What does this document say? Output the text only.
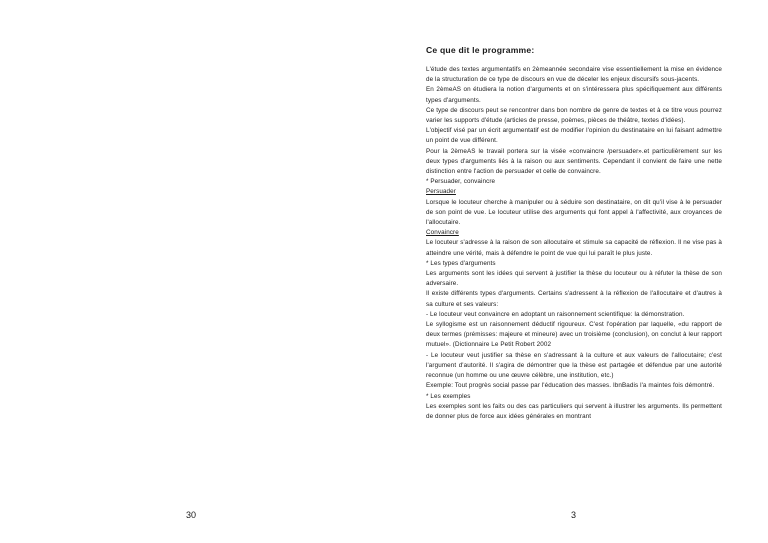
Ce que dit le programme:

L'étude des textes argumentatifs en 2èmeannée secondaire vise essentiellement la mise en évidence de la structuration de ce type de discours en vue de déceler les enjeux discursifs sous-jacents.

En 2èmeAS on étudiera la notion d'arguments et on s'intéressera plus spécifiquement aux différents types d'arguments.

Ce type de discours peut se rencontrer dans bon nombre de genre de textes et à ce titre vous pourrez varier les supports d'étude (articles de presse, poèmes, pièces de théâtre, textes d'idées).

L'objectif visé par un écrit argumentatif est de modifier l'opinion du destinataire en lui faisant admettre un point de vue différent.

Pour la 2èmeAS le travail portera sur la visée «convaincre /persuader».et particulièrement sur les deux types d'arguments liés à la raison ou aux sentiments. Cependant il convient de faire une nette distinction entre l'action de persuader et celle de convaincre.

* Persuader, convaincre

Persuader

Lorsque le locuteur cherche à manipuler ou à séduire son destinataire, on dit qu'il vise à le persuader de son point de vue. Le locuteur utilise des arguments qui font appel à l'affectivité, aux croyances de l'allocutaire.

Convaincre

Le locuteur s'adresse à la raison de son allocutaire et stimule sa capacité de réflexion. Il ne vise pas à atteindre une vérité, mais à défendre le point de vue qui lui paraît le plus juste.

* Les types d'arguments

Les arguments sont les idées qui servent à justifier la thèse du locuteur ou à réfuter la thèse de son adversaire.

Il existe différents types d'arguments. Certains s'adressent à la réflexion de l'allocutaire et d'autres à sa culture et ses valeurs:

- Le locuteur veut convaincre en adoptant un raisonnement scientifique: la démonstration.

Le syllogisme est un raisonnement déductif rigoureux. C'est l'opération par laquelle, «du rapport de deux termes (prémisses: majeure et mineure) avec un troisième (conclusion), on conclut à leur rapport mutuel». (Dictionnaire Le Petit Robert 2002

- Le locuteur veut justifier sa thèse en s'adressant à la culture et aux valeurs de l'allocutaire; c'est l'argument d'autorité. Il s'agira de démontrer que la thèse est partagée et défendue par une autorité reconnue (un homme ou une œuvre célèbre, une institution, etc.)

Exemple: Tout progrès social passe par l'éducation des masses. IbnBadis l'a maintes fois démontré.

* Les exemples

Les exemples sont les faits ou des cas particuliers qui servent à illustrer les arguments. Ils permettent de donner plus de force aux idées générales en montrant

30	3
